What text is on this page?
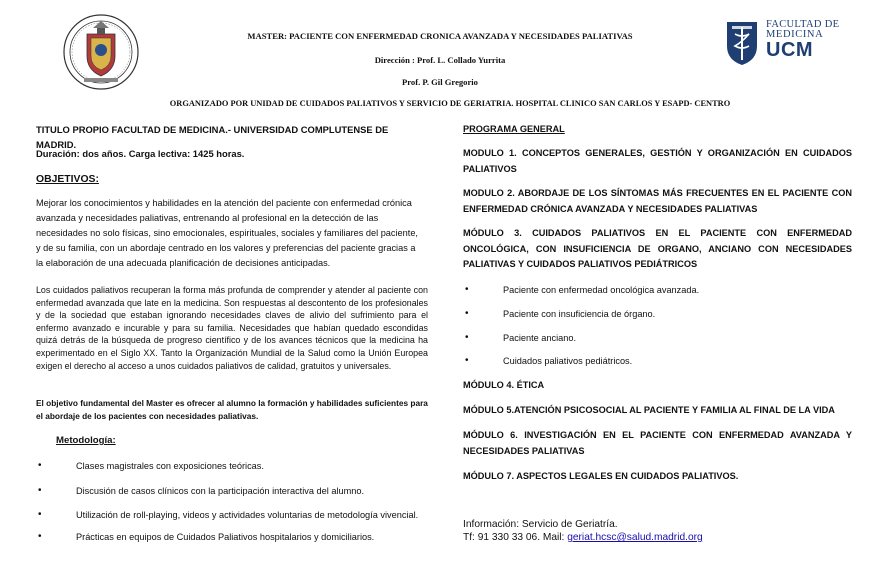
FACULTAD DE
MEDICINA
UCM
MASTER: PACIENTE CON ENFERMEDAD CRONICA AVANZADA Y NECESIDADES PALIATIVAS
Dirección : Prof. L. Collado Yurrita
Prof. P. Gil Gregorio
ORGANIZADO POR UNIDAD DE CUIDADOS PALIATIVOS Y SERVICIO DE GERIATRIA. HOSPITAL CLINICO SAN CARLOS Y ESAPD- CENTRO
TITULO PROPIO FACULTAD DE MEDICINA.- UNIVERSIDAD COMPLUTENSE DE MADRID.
Duración: dos años. Carga lectiva: 1425 horas.
OBJETIVOS:
Mejorar los conocimientos y habilidades en la atención del paciente con enfermedad crónica avanzada y necesidades paliativas, entrenando al profesional en la detección de las necesidades no solo físicas, sino emocionales, espirituales, sociales y familiares del paciente, y de su familia, con un abordaje centrado en los valores y preferencias del paciente gracias a la elaboración de una adecuada planificación de decisiones anticipadas.
Los cuidados paliativos recuperan la forma más profunda de comprender y atender al paciente con enfermedad avanzada que late en la medicina. Son respuestas al descontento de los profesionales y de la sociedad que estaban ignorando necesidades claves de alivio del sufrimiento para el enfermo avanzado e incurable y para su familia. Necesidades que habían quedado escondidas quizá detrás de la búsqueda de progreso científico y de los avances técnicos que la medicina ha experimentado en el Siglo XX. Tanto la Organización Mundial de la Salud como la Unión Europea exigen el derecho al acceso a unos cuidados paliativos de calidad, gratuitos y universales.
El objetivo fundamental del Master es ofrecer al alumno la formación y habilidades suficientes para el abordaje de los pacientes con necesidades paliativas.
Metodología:
• Clases magistrales con exposiciones teóricas.
• Discusión de casos clínicos con la participación interactiva del alumno.
• Utilización de roll-playing, videos y actividades voluntarias de metodología vivencial.
• Prácticas en equipos de Cuidados Paliativos hospitalarios y domiciliarios.
PROGRAMA GENERAL
MODULO 1. CONCEPTOS GENERALES, GESTIÓN Y ORGANIZACIÓN EN CUIDADOS PALIATIVOS
MODULO 2. ABORDAJE DE LOS SÍNTOMAS MÁS FRECUENTES EN EL PACIENTE CON ENFERMEDAD CRÓNICA AVANZADA Y NECESIDADES PALIATIVAS
MÓDULO 3. CUIDADOS PALIATIVOS EN EL PACIENTE CON ENFERMEDAD ONCOLÓGICA, CON INSUFICIENCIA DE ORGANO, ANCIANO CON NECESIDADES PALIATIVAS Y CUIDADOS PALIATIVOS PEDIÁTRICOS
• Paciente con enfermedad oncológica avanzada.
• Paciente con insuficiencia de órgano.
• Paciente anciano.
• Cuidados paliativos pediátricos.
MÓDULO 4. ÉTICA
MÓDULO 5.ATENCIÓN PSICOSOCIAL AL PACIENTE Y FAMILIA AL FINAL DE LA VIDA
MÓDULO 6. INVESTIGACIÓN EN EL PACIENTE CON ENFERMEDAD AVANZADA Y NECESIDADES PALIATIVAS
MÓDULO 7. ASPECTOS LEGALES EN CUIDADOS PALIATIVOS.
Información: Servicio de Geriatría.
Tf: 91 330 33 06. Mail: geriat.hcsc@salud.madrid.org
